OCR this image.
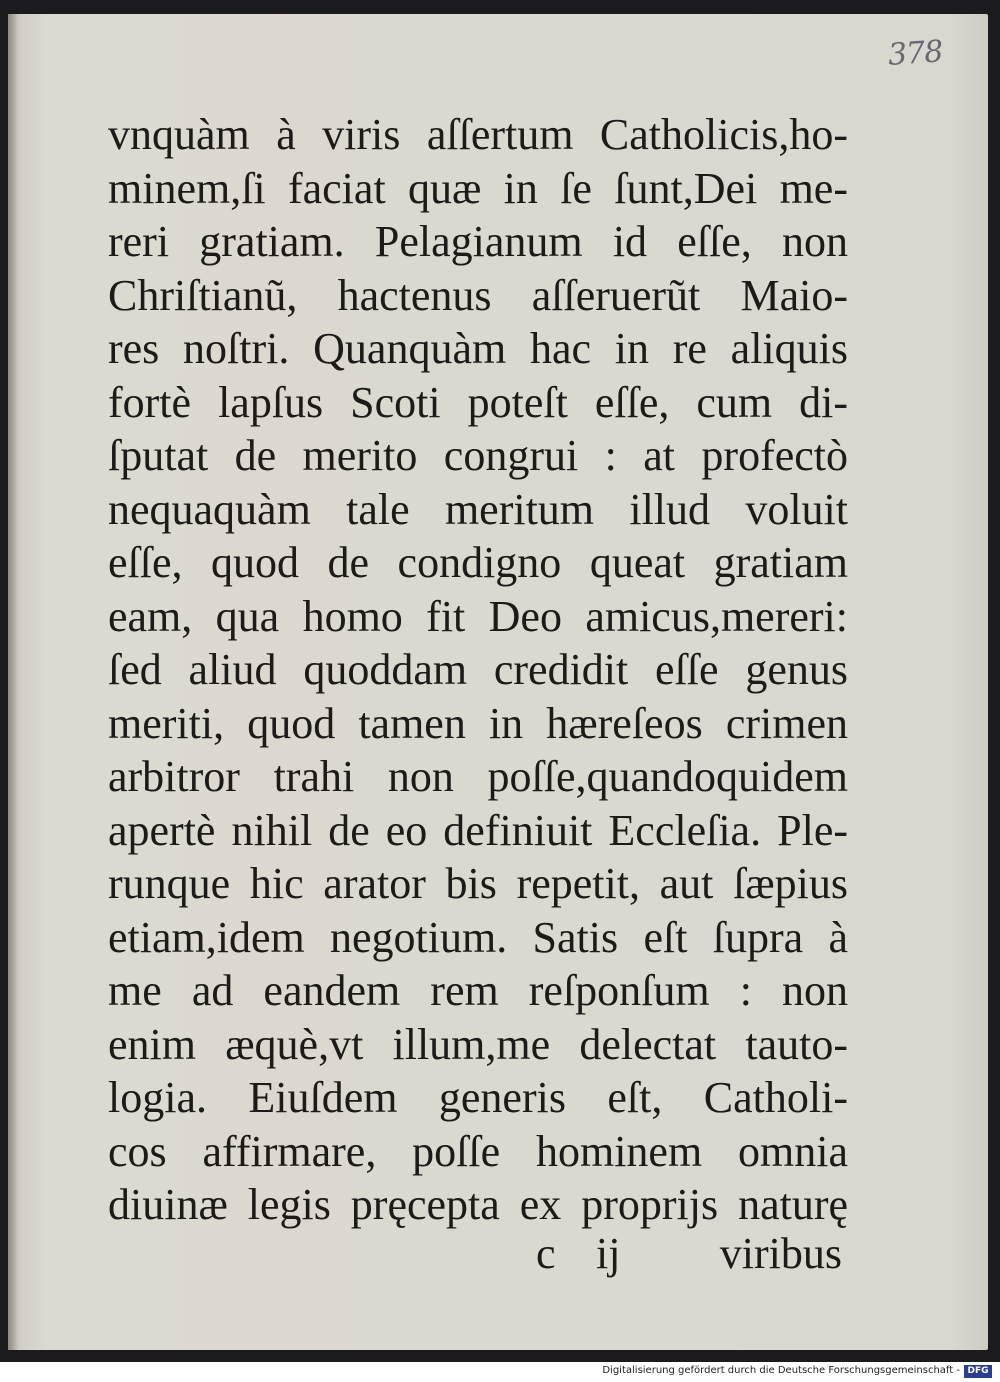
378
vnquàm à viris aſſertum Catholicis,ho-
minem,ſi faciat quæ in ſe ſunt,Dei me-
reri gratiam. Pelagianum id eſſe, non
Chriſtianũ, hactenus aſſeruerũt Maio-
res noſtri. Quanquàm hac in re aliquis
fortè lapſus Scoti poteſt eſſe, cum di-
ſputat de merito congrui : at profectò
nequaquàm tale meritum illud voluit
eſſe, quod de condigno queat gratiam
eam, qua homo fit Deo amicus,mereri:
ſed aliud quoddam credidit eſſe genus
meriti, quod tamen in hæreſeos crimen
arbitror trahi non poſſe,quandoquidem
apertè nihil de eo definiuit Eccleſia. Ple-
runque hic arator bis repetit, aut ſæpius
etiam,idem negotium. Satis eſt ſupra à
me ad eandem rem reſponſum : non
enim æquè,vt illum,me delectat tauto-
logia. Eiuſdem generis eſt, Catholi-
cos affirmare, poſſe hominem omnia
diuinæ legis pręcepta ex proprijs naturę
c ij viribus
Digitalisierung gefördert durch die Deutsche Forschungsgemeinschaft - DFG
